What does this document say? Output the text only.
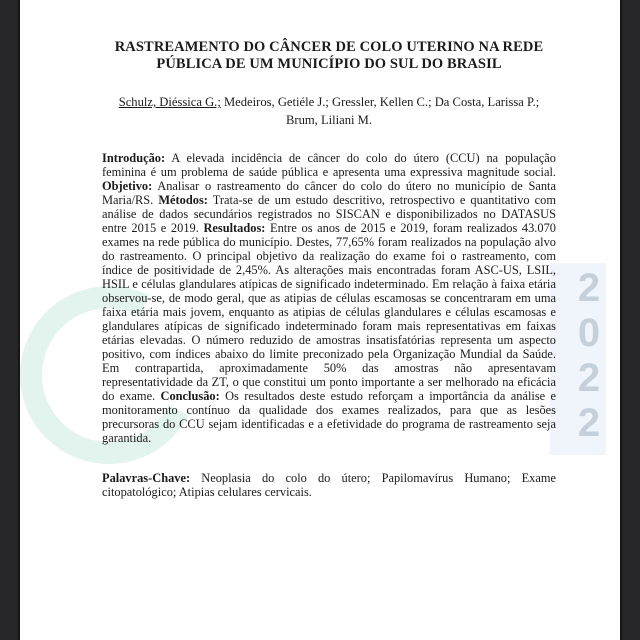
2
0
2
2
RASTREAMENTO DO CÂNCER DE COLO UTERINO NA REDE PÚBLICA DE UM MUNICÍPIO DO SUL DO BRASIL

Schulz, Diéssica G.; Medeiros, Getiéle J.; Gressler, Kellen C.; Da Costa, Larissa P.; Brum, Liliani M.

Introdução: A elevada incidência de câncer do colo do útero (CCU) na população feminina é um problema de saúde pública e apresenta uma expressiva magnitude social. Objetivo: Analisar o rastreamento do câncer do colo do útero no município de Santa Maria/RS. Métodos: Trata-se de um estudo descritivo, retrospectivo e quantitativo com análise de dados secundários registrados no SISCAN e disponibilizados no DATASUS entre 2015 e 2019. Resultados: Entre os anos de 2015 e 2019, foram realizados 43.070 exames na rede pública do município. Destes, 77,65% foram realizados na população alvo do rastreamento. O principal objetivo da realização do exame foi o rastreamento, com índice de positividade de 2,45%. As alterações mais encontradas foram ASC-US, LSIL, HSIL e células glandulares atípicas de significado indeterminado. Em relação à faixa etária observou-se, de modo geral, que as atipias de células escamosas se concentraram em uma faixa etária mais jovem, enquanto as atipias de células glandulares e células escamosas e glandulares atípicas de significado indeterminado foram mais representativas em faixas etárias elevadas. O número reduzido de amostras insatisfatórias representa um aspecto positivo, com índices abaixo do limite preconizado pela Organização Mundial da Saúde. Em contrapartida, aproximadamente 50% das amostras não apresentavam representatividade da ZT, o que constitui um ponto importante a ser melhorado na eficácia do exame. Conclusão: Os resultados deste estudo reforçam a importância da análise e monitoramento contínuo da qualidade dos exames realizados, para que as lesões precursoras do CCU sejam identificadas e a efetividade do programa de rastreamento seja garantida.

Palavras-Chave: Neoplasia do colo do útero; Papilomavírus Humano; Exame citopatológico; Atipias celulares cervicais.
